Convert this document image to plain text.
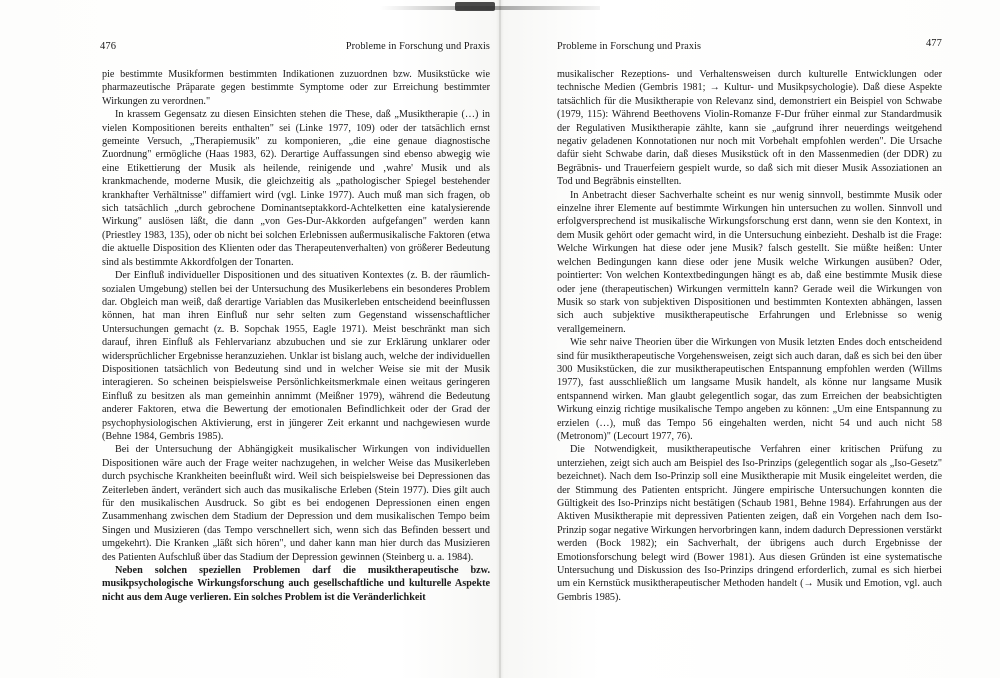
476	Probleme in Forschung und Praxis

pie bestimmte Musikformen bestimmten Indikationen zuzuordnen bzw. Musikstücke wie pharmazeutische Präparate gegen bestimmte Symptome oder zur Erreichung bestimmter Wirkungen zu verordnen."

In krassem Gegensatz zu diesen Einsichten stehen die These, daß „Musiktherapie (…) in vielen Kompositionen bereits enthalten" sei (Linke 1977, 109) oder der tatsächlich ernst gemeinte Versuch, „Therapiemusik" zu komponieren, „die eine genaue diagnostische Zuordnung" ermögliche (Haas 1983, 62). Derartige Auffassungen sind ebenso abwegig wie eine Etikettierung der Musik als heilende, reinigende und ‚wahre' Musik und als krankmachende, moderne Musik, die gleichzeitig als „pathologischer Spiegel bestehender krankhafter Verhältnisse" diffamiert wird (vgl. Linke 1977). Auch muß man sich fragen, ob sich tatsächlich „durch gebrochene Dominantseptakkord-Achtelketten eine katalysierende Wirkung" auslösen läßt, die dann „von Ges-Dur-Akkorden aufgefangen" werden kann (Priestley 1983, 135), oder ob nicht bei solchen Erlebnissen außermusikalische Faktoren (etwa die aktuelle Disposition des Klienten oder das Therapeutenverhalten) von größerer Bedeutung sind als bestimmte Akkordfolgen der Tonarten.

Der Einfluß individueller Dispositionen und des situativen Kontextes (z. B. der räumlich-sozialen Umgebung) stellen bei der Untersuchung des Musikerlebens ein besonderes Problem dar. Obgleich man weiß, daß derartige Variablen das Musikerleben entscheidend beeinflussen können, hat man ihren Einfluß nur sehr selten zum Gegenstand wissenschaftlicher Untersuchungen gemacht (z. B. Sopchak 1955, Eagle 1971). Meist beschränkt man sich darauf, ihren Einfluß als Fehlervarianz abzubuchen und sie zur Erklärung unklarer oder widersprüchlicher Ergebnisse heranzuziehen. Unklar ist bislang auch, welche der individuellen Dispositionen tatsächlich von Bedeutung sind und in welcher Weise sie mit der Musik interagieren. So scheinen beispielsweise Persönlichkeitsmerkmale einen weitaus geringeren Einfluß zu besitzen als man gemeinhin annimmt (Meißner 1979), während die Bedeutung anderer Faktoren, etwa die Bewertung der emotionalen Befindlichkeit oder der Grad der psychophysiologischen Aktivierung, erst in jüngerer Zeit erkannt und nachgewiesen wurde (Behne 1984, Gembris 1985).

Bei der Untersuchung der Abhängigkeit musikalischer Wirkungen von individuellen Dispositionen wäre auch der Frage weiter nachzugehen, in welcher Weise das Musikerleben durch psychische Krankheiten beeinflußt wird. Weil sich beispielsweise bei Depressionen das Zeiterleben ändert, verändert sich auch das musikalische Erleben (Stein 1977). Dies gilt auch für den musikalischen Ausdruck. So gibt es bei endogenen Depressionen einen engen Zusammenhang zwischen dem Stadium der Depression und dem musikalischen Tempo beim Singen und Musizieren (das Tempo verschnellert sich, wenn sich das Befinden bessert und umgekehrt). Die Kranken „läßt sich hören", und daher kann man hier durch das Musizieren des Patienten Aufschluß über das Stadium der Depression gewinnen (Steinberg u. a. 1984).

Neben solchen speziellen Problemen darf die musiktherapeutische bzw. musikpsychologische Wirkungsforschung auch gesellschaftliche und kulturelle Aspekte nicht aus dem Auge verlieren. Ein solches Problem ist die Veränderlichkeit

Probleme in Forschung und Praxis	477

musikalischer Rezeptions- und Verhaltensweisen durch kulturelle Entwicklungen oder technische Medien (Gembris 1981; → Kultur- und Musikpsychologie). Daß diese Aspekte tatsächlich für die Musiktherapie von Relevanz sind, demonstriert ein Beispiel von Schwabe (1979, 115): Während Beethovens Violin-Romanze F-Dur früher einmal zur Standardmusik der Regulativen Musiktherapie zählte, kann sie „aufgrund ihrer neuerdings weitgehend negativ geladenen Konnotationen nur noch mit Vorbehalt empfohlen werden". Die Ursache dafür sieht Schwabe darin, daß dieses Musikstück oft in den Massenmedien (der DDR) zu Begräbnis- und Trauerfeiern gespielt wurde, so daß sich mit dieser Musik Assoziationen an Tod und Begräbnis einstellten.

In Anbetracht dieser Sachverhalte scheint es nur wenig sinnvoll, bestimmte Musik oder einzelne ihrer Elemente auf bestimmte Wirkungen hin untersuchen zu wollen. Sinnvoll und erfolgversprechend ist musikalische Wirkungsforschung erst dann, wenn sie den Kontext, in dem Musik gehört oder gemacht wird, in die Untersuchung einbezieht. Deshalb ist die Frage: Welche Wirkungen hat diese oder jene Musik? falsch gestellt. Sie müßte heißen: Unter welchen Bedingungen kann diese oder jene Musik welche Wirkungen ausüben? Oder, pointierter: Von welchen Kontextbedingungen hängt es ab, daß eine bestimmte Musik diese oder jene (therapeutischen) Wirkungen vermitteln kann? Gerade weil die Wirkungen von Musik so stark von subjektiven Dispositionen und bestimmten Kontexten abhängen, lassen sich auch subjektive musiktherapeutische Erfahrungen und Erlebnisse so wenig verallgemeinern.

Wie sehr naive Theorien über die Wirkungen von Musik letzten Endes doch entscheidend sind für musiktherapeutische Vorgehensweisen, zeigt sich auch daran, daß es sich bei den über 300 Musikstücken, die zur musiktherapeutischen Entspannung empfohlen werden (Willms 1977), fast ausschließlich um langsame Musik handelt, als könne nur langsame Musik entspannend wirken. Man glaubt gelegentlich sogar, das zum Erreichen der beabsichtigten Wirkung einzig richtige musikalische Tempo angeben zu können: „Um eine Entspannung zu erzielen (…), muß das Tempo 56 eingehalten werden, nicht 54 und auch nicht 58 (Metronom)" (Lecourt 1977, 76).

Die Notwendigkeit, musiktherapeutische Verfahren einer kritischen Prüfung zu unterziehen, zeigt sich auch am Beispiel des Iso-Prinzips (gelegentlich sogar als „Iso-Gesetz" bezeichnet). Nach dem Iso-Prinzip soll eine Musiktherapie mit Musik eingeleitet werden, die der Stimmung des Patienten entspricht. Jüngere empirische Untersuchungen konnten die Gültigkeit des Iso-Prinzips nicht bestätigen (Schaub 1981, Behne 1984). Erfahrungen aus der Aktiven Musiktherapie mit depressiven Patienten zeigen, daß ein Vorgehen nach dem Iso-Prinzip sogar negative Wirkungen hervorbringen kann, indem dadurch Depressionen verstärkt werden (Bock 1982); ein Sachverhalt, der übrigens auch durch Ergebnisse der Emotionsforschung belegt wird (Bower 1981). Aus diesen Gründen ist eine systematische Untersuchung und Diskussion des Iso-Prinzips dringend erforderlich, zumal es sich hierbei um ein Kernstück musiktherapeutischer Methoden handelt (→ Musik und Emotion, vgl. auch Gembris 1985).
